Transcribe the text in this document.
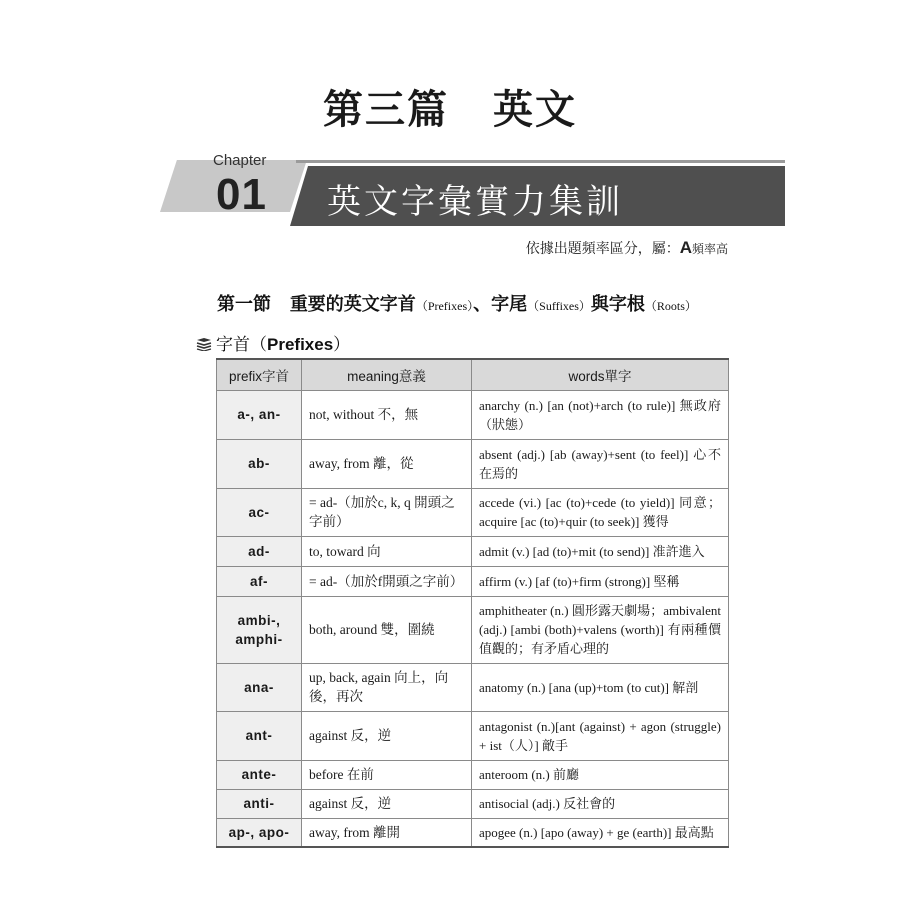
第三篇 英文
Chapter
01 英文字彙實力集訓
依據出題頻率區分，屬：A頻率高
第一節 重要的英文字首（Prefixes）、字尾（Suffixes）與字根（Roots）
字首（Prefixes）
prefix字首	meaning意義	words單字
a-, an-	not, without 不，無	anarchy (n.) [an (not)+arch (to rule)] 無政府（狀態）
ab-	away, from 離，從	absent (adj.) [ab (away)+sent (to feel)] 心不在焉的
ac-	= ad-（加於c, k, q 開頭之字前）	accede (vi.) [ac (to)+cede (to yield)] 同意；acquire [ac (to)+quir (to seek)] 獲得
ad-	to, toward 向	admit (v.) [ad (to)+mit (to send)] 准許進入
af-	= ad-（加於f開頭之字前）	affirm (v.) [af (to)+firm (strong)] 堅稱
ambi-, amphi-	both, around 雙，圍繞	amphitheater (n.) 圓形露天劇場；ambivalent (adj.) [ambi (both)+valens (worth)] 有兩種價值觀的；有矛盾心理的
ana-	up, back, again 向上，向後，再次	anatomy (n.) [ana (up)+tom (to cut)] 解剖
ant-	against 反，逆	antagonist (n.)[ant (against) + agon (struggle) + ist（人）] 敵手
ante-	before 在前	anteroom (n.) 前廳
anti-	against 反，逆	antisocial (adj.) 反社會的
ap-, apo-	away, from 離開	apogee (n.) [apo (away) + ge (earth)] 最高點
